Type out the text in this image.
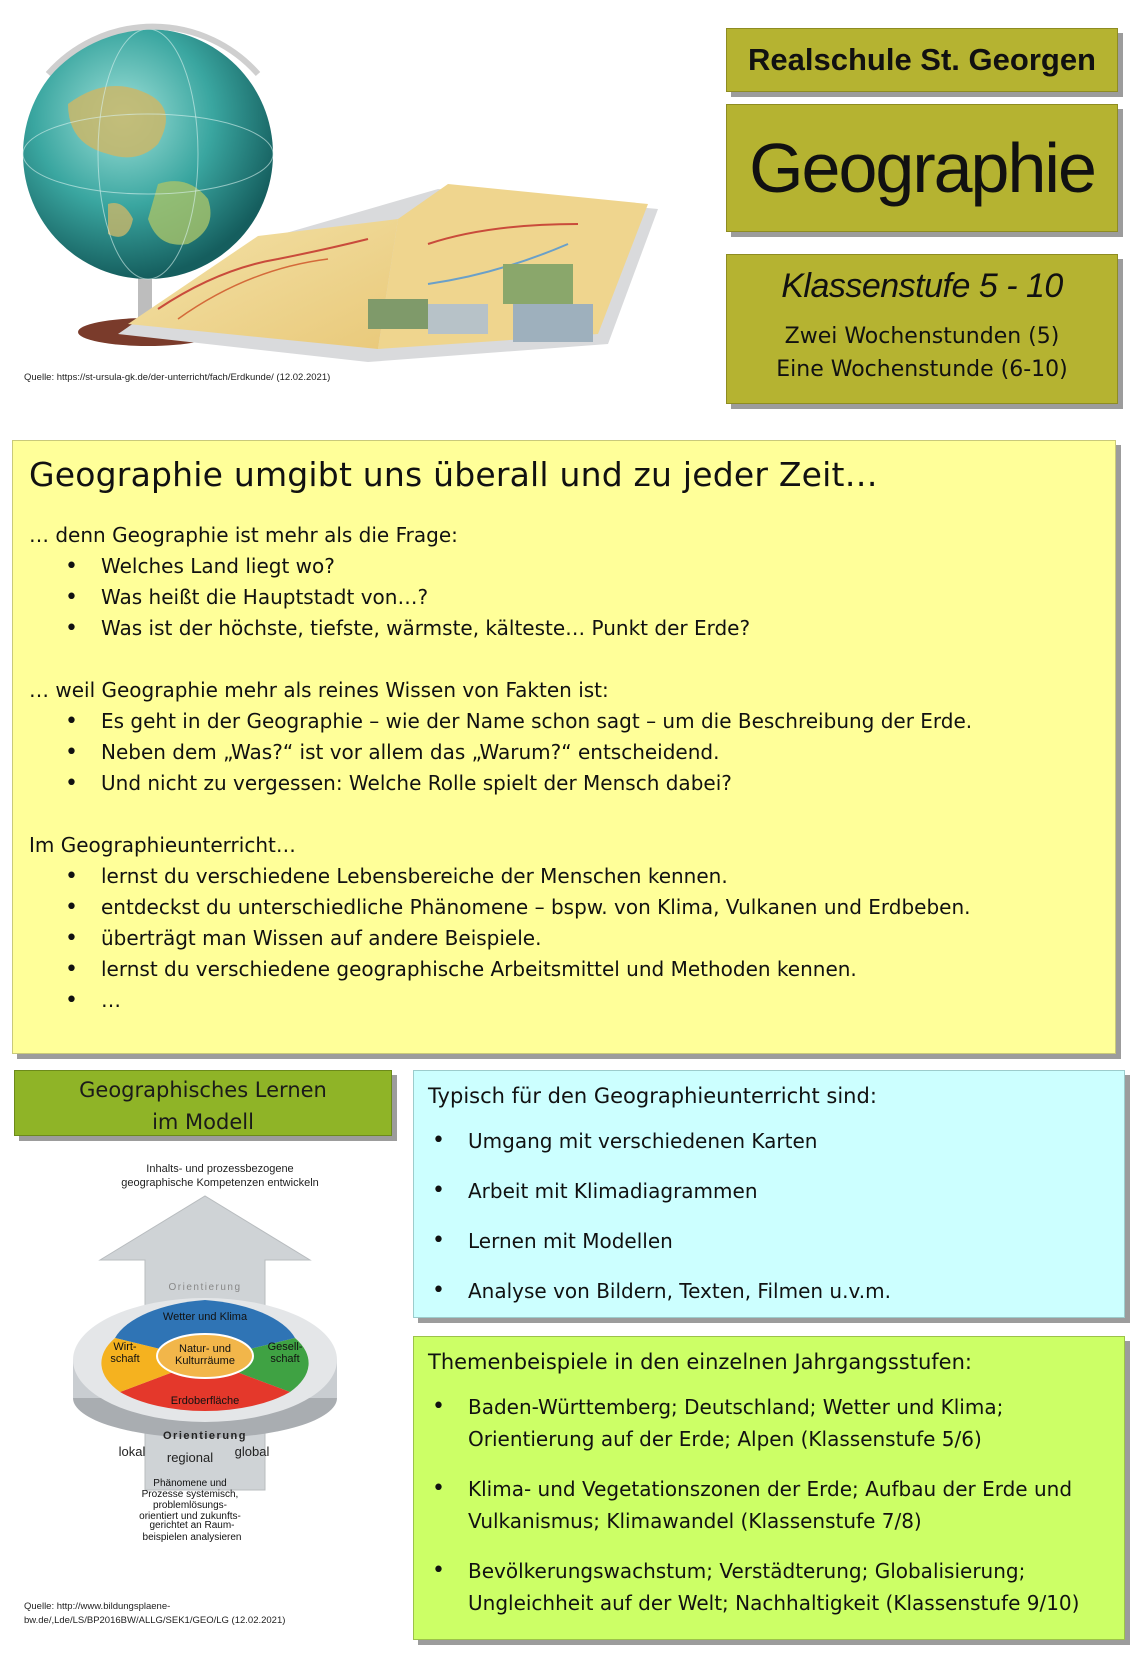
Quelle: https://st-ursula-gk.de/der-unterricht/fach/Erdkunde/ (12.02.2021)
Realschule St. Georgen
Geographie
Klassenstufe 5 - 10
Zwei Wochenstunden (5)
Eine Wochenstunde (6-10)
Geographie umgibt uns überall und zu jeder Zeit…

… denn Geographie ist mehr als die Frage:

• Welches Land liegt wo?
• Was heißt die Hauptstadt von…?
• Was ist der höchste, tiefste, wärmste, kälteste… Punkt der Erde?

… weil Geographie mehr als reines Wissen von Fakten ist:

• Es geht in der Geographie – wie der Name schon sagt – um die Beschreibung der Erde.
• Neben dem „Was?“ ist vor allem das „Warum?“ entscheidend.
• Und nicht zu vergessen: Welche Rolle spielt der Mensch dabei?

Im Geographieunterricht…

• lernst du verschiedene Lebensbereiche der Menschen kennen.
• entdeckst du unterschiedliche Phänomene – bspw. von Klima, Vulkanen und Erdbeben.
• überträgt man Wissen auf andere Beispiele.
• lernst du verschiedene geographische Arbeitsmittel und Methoden kennen.
• …
Geographisches Lernen
im Modell
Inhalts- und prozessbezogene
geographische Kompetenzen entwickeln
Wetter und Klima
Wirt-
schaft
Gesell-
schaft
Natur- und
Kulturräume
Erdoberfläche
Orientierung
Orientierung
lokal regional global
Phänomene und
Prozesse systemisch,
problemlösungs-
orientiert und zukunfts-
gerichtet an Raum-
beispielen analysieren
Quelle: http://www.bildungsplaene-
bw.de/,Lde/LS/BP2016BW/ALLG/SEK1/GEO/LG (12.02.2021)
Typisch für den Geographieunterricht sind:
• Umgang mit verschiedenen Karten
• Arbeit mit Klimadiagrammen
• Lernen mit Modellen
• Analyse von Bildern, Texten, Filmen u.v.m.
Themenbeispiele in den einzelnen Jahrgangsstufen:
• Baden-Württemberg; Deutschland; Wetter und Klima; Orientierung auf der Erde; Alpen (Klassenstufe 5/6)
• Klima- und Vegetationszonen der Erde; Aufbau der Erde und Vulkanismus; Klimawandel (Klassenstufe 7/8)
• Bevölkerungswachstum; Verstädterung; Globalisierung; Ungleichheit auf der Welt; Nachhaltigkeit (Klassenstufe 9/10)
